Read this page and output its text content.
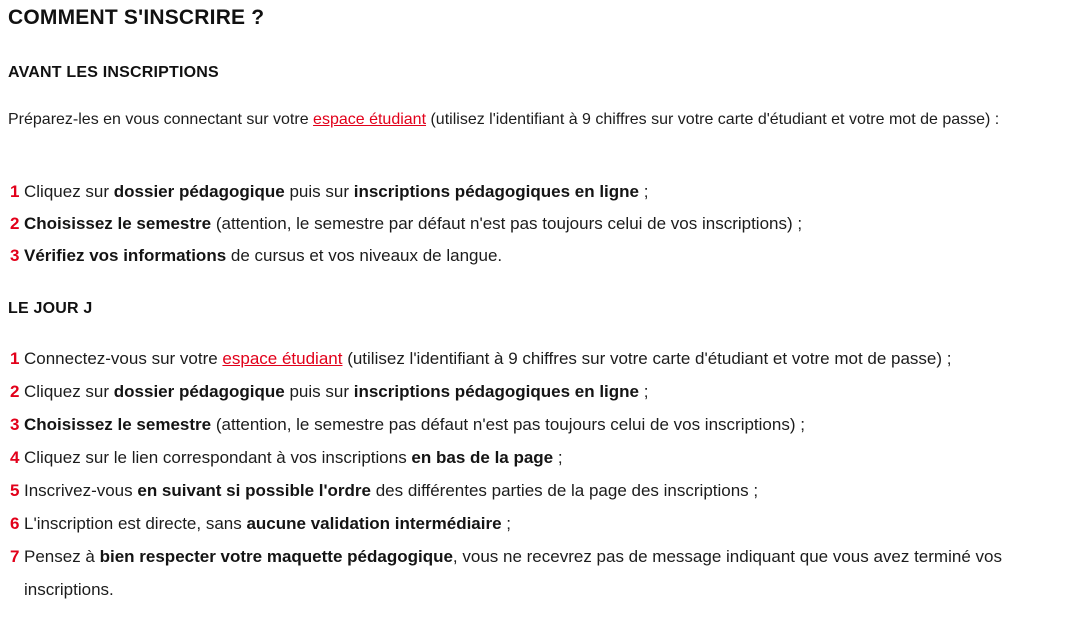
COMMENT S'INSCRIRE ?
AVANT LES INSCRIPTIONS

Préparez-les en vous connectant sur votre espace étudiant (utilisez l'identifiant à 9 chiffres sur votre carte d'étudiant et votre mot de passe) :

1 Cliquez sur dossier pédagogique puis sur inscriptions pédagogiques en ligne ;
2 Choisissez le semestre (attention, le semestre par défaut n'est pas toujours celui de vos inscriptions) ;
3 Vérifiez vos informations de cursus et vos niveaux de langue.
LE JOUR J
1 Connectez-vous sur votre espace étudiant (utilisez l'identifiant à 9 chiffres sur votre carte d'étudiant et votre mot de passe) ;
2 Cliquez sur dossier pédagogique puis sur inscriptions pédagogiques en ligne ;
3 Choisissez le semestre (attention, le semestre pas défaut n'est pas toujours celui de vos inscriptions) ;
4 Cliquez sur le lien correspondant à vos inscriptions en bas de la page ;
5 Inscrivez-vous en suivant si possible l'ordre des différentes parties de la page des inscriptions ;
6 L'inscription est directe, sans aucune validation intermédiaire ;
7 Pensez à bien respecter votre maquette pédagogique, vous ne recevrez pas de message indiquant que vous avez terminé vos inscriptions.
